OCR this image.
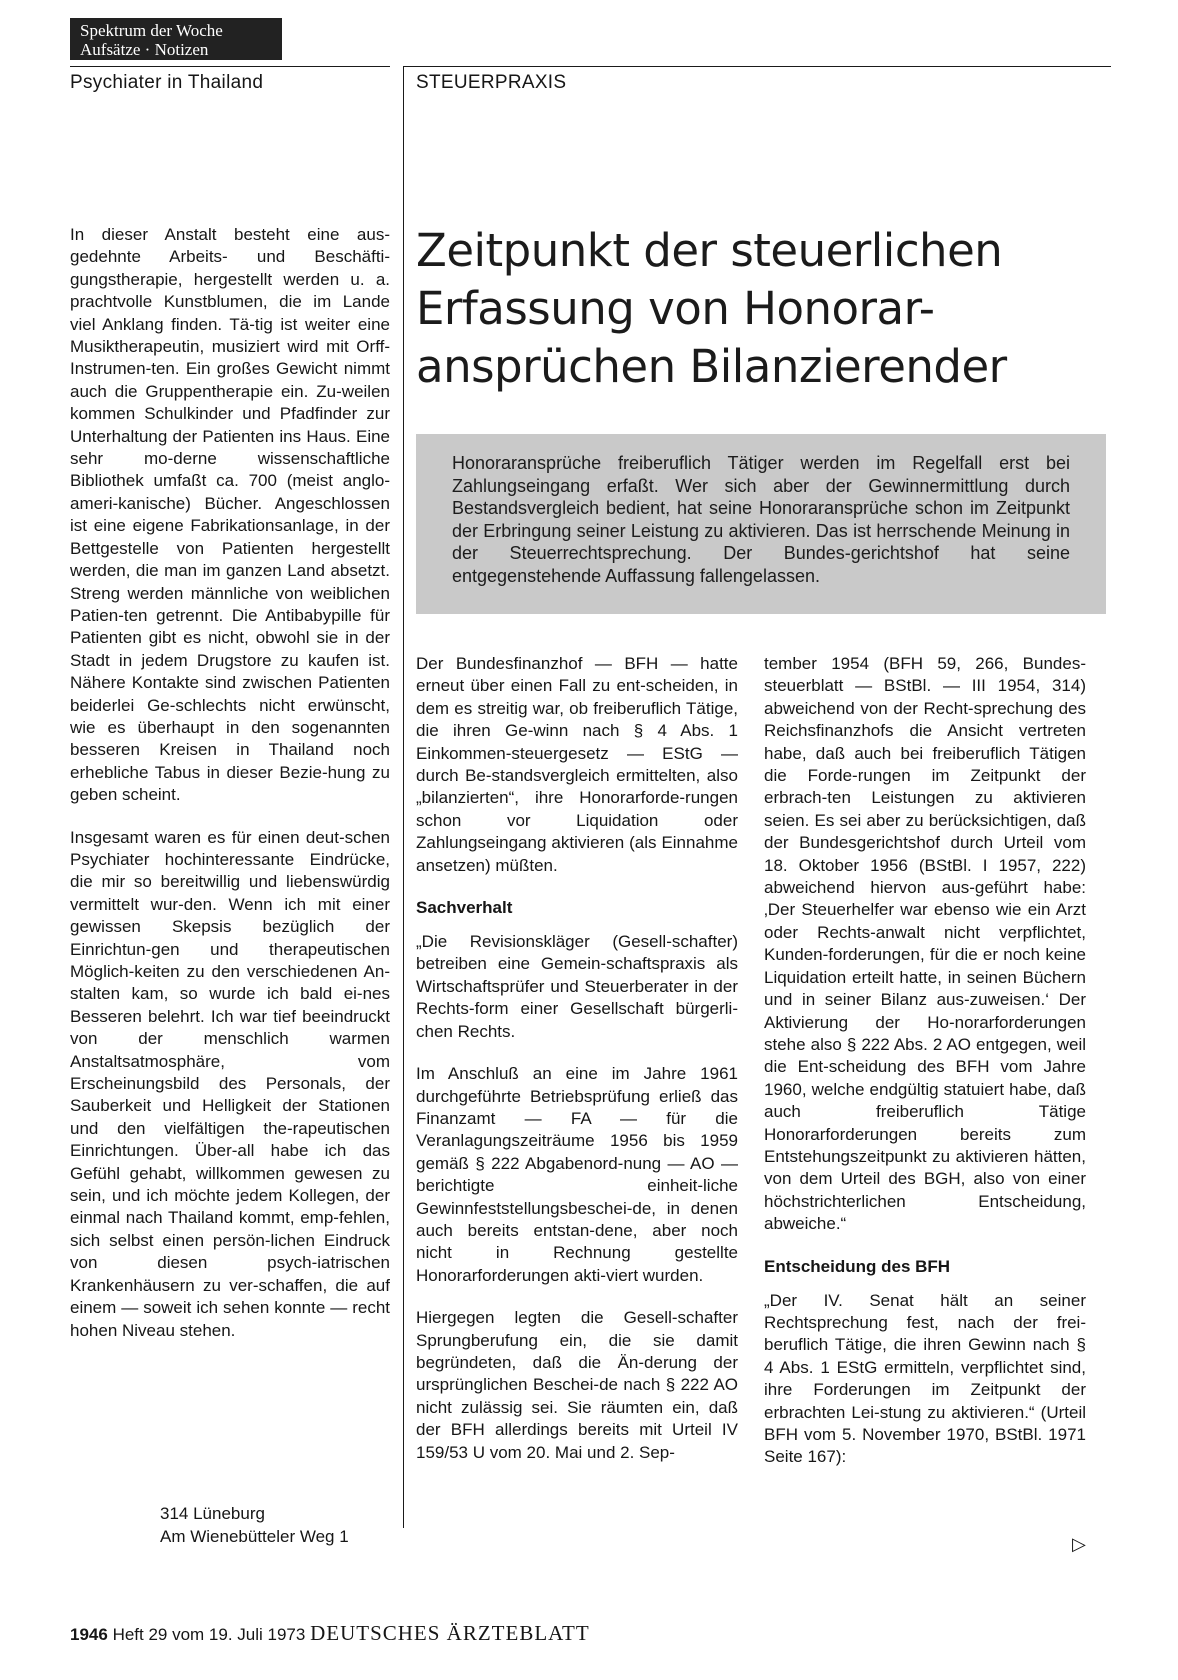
Spektrum der Woche
Aufsätze · Notizen
Psychiater in Thailand	STEUERPRAXIS

In dieser Anstalt besteht eine aus-gedehnte Arbeits- und Beschäfti-gungstherapie, hergestellt werden u. a. prachtvolle Kunstblumen, die im Lande viel Anklang finden. Tä-tig ist weiter eine Musiktherapeutin, musiziert wird mit Orff-Instrumen-ten. Ein großes Gewicht nimmt auch die Gruppentherapie ein. Zu-weilen kommen Schulkinder und Pfadfinder zur Unterhaltung der Patienten ins Haus. Eine sehr mo-derne wissenschaftliche Bibliothek umfaßt ca. 700 (meist anglo-ameri-kanische) Bücher. Angeschlossen ist eine eigene Fabrikationsanlage, in der Bettgestelle von Patienten hergestellt werden, die man im ganzen Land absetzt. Streng werden männliche von weiblichen Patien-ten getrennt. Die Antibabypille für Patienten gibt es nicht, obwohl sie in der Stadt in jedem Drugstore zu kaufen ist. Nähere Kontakte sind zwischen Patienten beiderlei Ge-schlechts nicht erwünscht, wie es überhaupt in den sogenannten besseren Kreisen in Thailand noch erhebliche Tabus in dieser Bezie-hung zu geben scheint.

Insgesamt waren es für einen deut-schen Psychiater hochinteressante Eindrücke, die mir so bereitwillig und liebenswürdig vermittelt wur-den. Wenn ich mit einer gewissen Skepsis bezüglich der Einrichtun-gen und therapeutischen Möglich-keiten zu den verschiedenen An-stalten kam, so wurde ich bald ei-nes Besseren belehrt. Ich war tief beeindruckt von der menschlich warmen Anstaltsatmosphäre, vom Erscheinungsbild des Personals, der Sauberkeit und Helligkeit der Stationen und den vielfältigen the-rapeutischen Einrichtungen. Über-all habe ich das Gefühl gehabt, willkommen gewesen zu sein, und ich möchte jedem Kollegen, der einmal nach Thailand kommt, emp-fehlen, sich selbst einen persön-lichen Eindruck von diesen psych-iatrischen Krankenhäusern zu ver-schaffen, die auf einem — soweit ich sehen konnte — recht hohen Niveau stehen.

314 Lüneburg
Am Wienebütteler Weg 1
Zeitpunkt der steuerlichen
Erfassung von Honorar-
ansprüchen Bilanzierender
Honoraransprüche freiberuflich Tätiger werden im Regelfall erst bei Zahlungseingang erfaßt. Wer sich aber der Gewinnermittlung durch Bestandsvergleich bedient, hat seine Honoraransprüche schon im Zeitpunkt der Erbringung seiner Leistung zu aktivieren. Das ist herrschende Meinung in der Steuerrechtsprechung. Der Bundes-gerichtshof hat seine entgegenstehende Auffassung fallengelassen.

Der Bundesfinanzhof — BFH — hatte erneut über einen Fall zu ent-scheiden, in dem es streitig war, ob freiberuflich Tätige, die ihren Ge-winn nach § 4 Abs. 1 Einkommen-steuergesetz — EStG — durch Be-standsvergleich ermittelten, also „bilanzierten“, ihre Honorarforde-rungen schon vor Liquidation oder Zahlungseingang aktivieren (als Einnahme ansetzen) müßten.

Sachverhalt

„Die Revisionskläger (Gesell-schafter) betreiben eine Gemein-schaftspraxis als Wirtschaftsprüfer und Steuerberater in der Rechts-form einer Gesellschaft bürgerli-chen Rechts.

Im Anschluß an eine im Jahre 1961 durchgeführte Betriebsprüfung erließ das Finanzamt — FA — für die Veranlagungszeiträume 1956 bis 1959 gemäß § 222 Abgabenord-nung — AO — berichtigte einheit-liche Gewinnfeststellungsbeschei-de, in denen auch bereits entstan-dene, aber noch nicht in Rechnung gestellte Honorarforderungen akti-viert wurden.

Hiergegen legten die Gesell-schafter Sprungberufung ein, die sie damit begründeten, daß die Än-derung der ursprünglichen Beschei-de nach § 222 AO nicht zulässig sei. Sie räumten ein, daß der BFH allerdings bereits mit Urteil IV 159/53 U vom 20. Mai und 2. Sep-

tember 1954 (BFH 59, 266, Bundes-steuerblatt — BStBl. — III 1954, 314) abweichend von der Recht-sprechung des Reichsfinanzhofs die Ansicht vertreten habe, daß auch bei freiberuflich Tätigen die Forde-rungen im Zeitpunkt der erbrach-ten Leistungen zu aktivieren seien. Es sei aber zu berücksichtigen, daß der Bundesgerichtshof durch Urteil vom 18. Oktober 1956 (BStBl. I 1957, 222) abweichend hiervon aus-geführt habe: ‚Der Steuerhelfer war ebenso wie ein Arzt oder Rechts-anwalt nicht verpflichtet, Kunden-forderungen, für die er noch keine Liquidation erteilt hatte, in seinen Büchern und in seiner Bilanz aus-zuweisen.‘ Der Aktivierung der Ho-norarforderungen stehe also § 222 Abs. 2 AO entgegen, weil die Ent-scheidung des BFH vom Jahre 1960, welche endgültig statuiert habe, daß auch freiberuflich Tätige Honorarforderungen bereits zum Entstehungszeitpunkt zu aktivieren hätten, von dem Urteil des BGH, also von einer höchstrichterlichen Entscheidung, abweiche.“

Entscheidung des BFH

„Der IV. Senat hält an seiner Rechtsprechung fest, nach der frei-beruflich Tätige, die ihren Gewinn nach § 4 Abs. 1 EStG ermitteln, verpflichtet sind, ihre Forderungen im Zeitpunkt der erbrachten Lei-stung zu aktivieren.“ (Urteil BFH vom 5. November 1970, BStBl. 1971 Seite 167):

▷
1946 Heft 29 vom 19. Juli 1973 DEUTSCHES ÄRZTEBLATT
